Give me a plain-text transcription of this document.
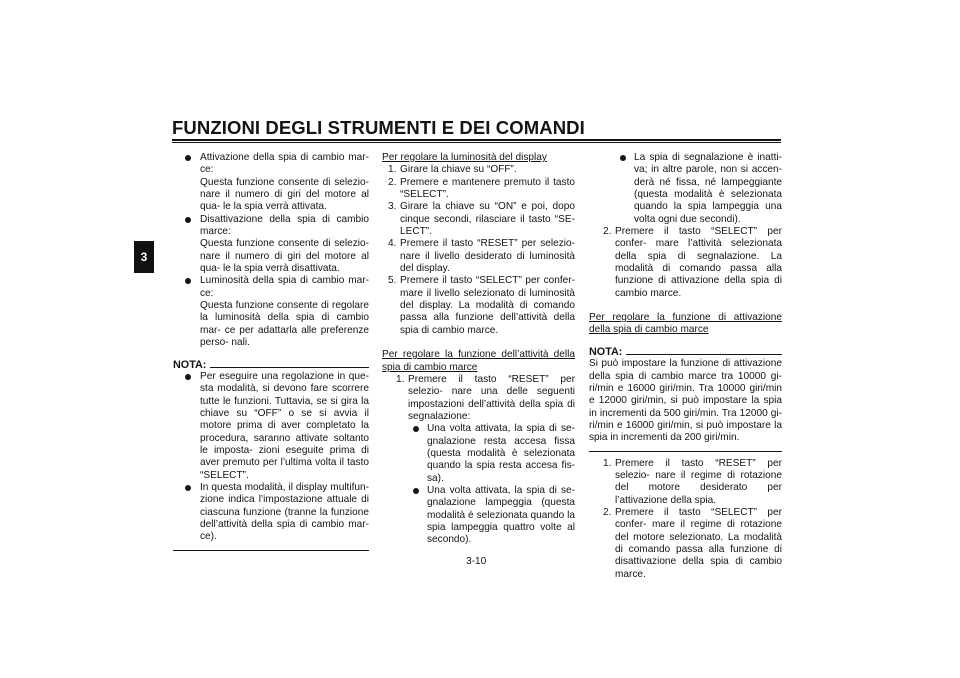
FUNZIONI DEGLI STRUMENTI E DEI COMANDI
3
Attivazione della spia di cambio mar- ce:
Questa funzione consente di selezio- nare il numero di giri del motore al qua- le la spia verrà attivata.
Disattivazione della spia di cambio marce:
Questa funzione consente di selezio- nare il numero di giri del motore al qua- le la spia verrà disattivata.
Luminosità della spia di cambio mar- ce:
Questa funzione consente di regolare la luminosità della spia di cambio mar- ce per adattarla alle preferenze perso- nali.
NOTA:
Per eseguire una regolazione in que- sta modalità, si devono fare scorrere tutte le funzioni. Tuttavia, se si gira la chiave su “OFF” o se si avvia il motore prima di aver completato la procedura, saranno attivate soltanto le imposta- zioni eseguite prima di aver premuto per l’ultima volta il tasto “SELECT”.
In questa modalità, il display multifun- zione indica l’impostazione attuale di ciascuna funzione (tranne la funzione dell’attività della spia di cambio mar- ce).
Per regolare la luminosità del display
1. Girare la chiave su “OFF”.
2. Premere e mantenere premuto il tasto “SELECT”.
3. Girare la chiave su “ON” e poi, dopo cinque secondi, rilasciare il tasto “SE- LECT”.
4. Premere il tasto “RESET” per selezio- nare il livello desiderato di luminosità del display.
5. Premere il tasto “SELECT” per confer- mare il livello selezionato di luminosità del display. La modalità di comando passa alla funzione dell’attività della spia di cambio marce.
Per regolare la funzione dell’attività della spia di cambio marce
1. Premere il tasto “RESET” per selezio- nare una delle seguenti impostazioni dell’attività della spia di segnalazione:
Una volta attivata, la spia di se- gnalazione resta accesa fissa (questa modalità è selezionata quando la spia resta accesa fis- sa).
Una volta attivata, la spia di se- gnalazione lampeggia (questa modalità è selezionata quando la spia lampeggia quattro volte al secondo).
La spia di segnalazione è inatti- va; in altre parole, non si accen- derà né fissa, né lampeggiante (questa modalità è selezionata quando la spia lampeggia una volta ogni due secondi).
2. Premere il tasto “SELECT” per confer- mare l’attività selezionata della spia di segnalazione. La modalità di comando passa alla funzione di attivazione della spia di cambio marce.
Per regolare la funzione di attivazione della spia di cambio marce
NOTA:
Si può impostare la funzione di attivazione della spia di cambio marce tra 10000 gi- ri/min e 16000 giri/min. Tra 10000 giri/min e 12000 giri/min, si può impostare la spia in incrementi da 500 giri/min. Tra 12000 gi- ri/min e 16000 giri/min, si può impostare la spia in incrementi da 200 giri/min.
1. Premere il tasto “RESET” per selezio- nare il regime di rotazione del motore desiderato per l’attivazione della spia.
2. Premere il tasto “SELECT” per confer- mare il regime di rotazione del motore selezionato. La modalità di comando passa alla funzione di disattivazione della spia di cambio marce.

3-10
